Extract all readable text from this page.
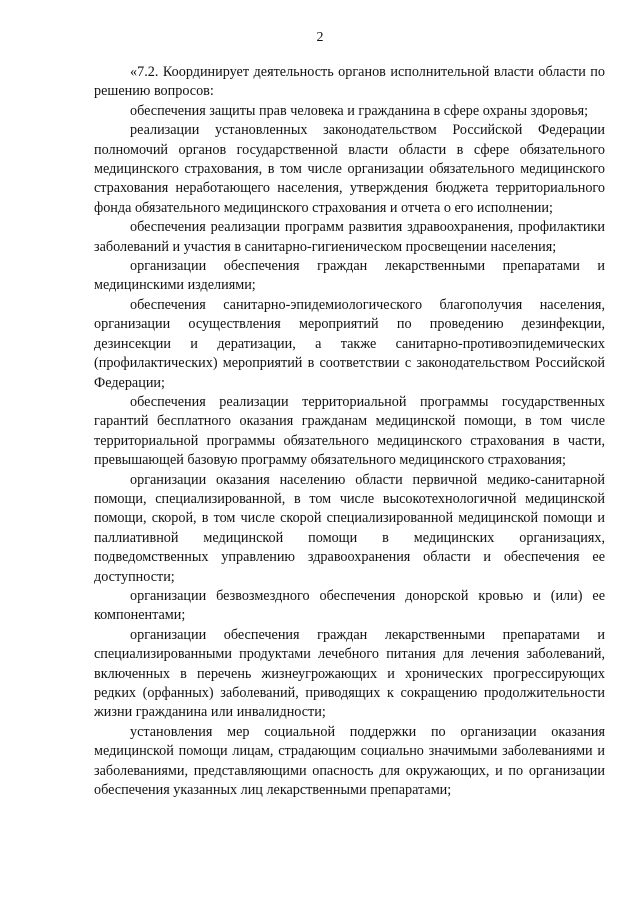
2

«7.2. Координирует деятельность органов исполнительной власти области по решению вопросов:

обеспечения защиты прав человека и гражданина в сфере охраны здоровья;

реализации установленных законодательством Российской Федерации полномочий органов государственной власти области в сфере обязательного медицинского страхования, в том числе организации обязательного медицинского страхования неработающего населения, утверждения бюджета территориального фонда обязательного медицинского страхования и отчета о его исполнении;

обеспечения реализации программ развития здравоохранения, профилактики заболеваний и участия в санитарно-гигиеническом просвещении населения;

организации обеспечения граждан лекарственными препаратами и медицинскими изделиями;

обеспечения санитарно-эпидемиологического благополучия населения, организации осуществления мероприятий по проведению дезинфекции, дезинсекции и дератизации, а также санитарно-противоэпидемических (профилактических) мероприятий в соответствии с законодательством Российской Федерации;

обеспечения реализации территориальной программы государственных гарантий бесплатного оказания гражданам медицинской помощи, в том числе территориальной программы обязательного медицинского страхования в части, превышающей базовую программу обязательного медицинского страхования;

организации оказания населению области первичной медико-санитарной помощи, специализированной, в том числе высокотехнологичной медицинской помощи, скорой, в том числе скорой специализированной медицинской помощи и паллиативной медицинской помощи в медицинских организациях, подведомственных управлению здравоохранения области и обеспечения ее доступности;

организации безвозмездного обеспечения донорской кровью и (или) ее компонентами;

организации обеспечения граждан лекарственными препаратами и специализированными продуктами лечебного питания для лечения заболеваний, включенных в перечень жизнеугрожающих и хронических прогрессирующих редких (орфанных) заболеваний, приводящих к сокращению продолжительности жизни гражданина или инвалидности;

установления мер социальной поддержки по организации оказания медицинской помощи лицам, страдающим социально значимыми заболеваниями и заболеваниями, представляющими опасность для окружающих, и по организации обеспечения указанных лиц лекарственными препаратами;
